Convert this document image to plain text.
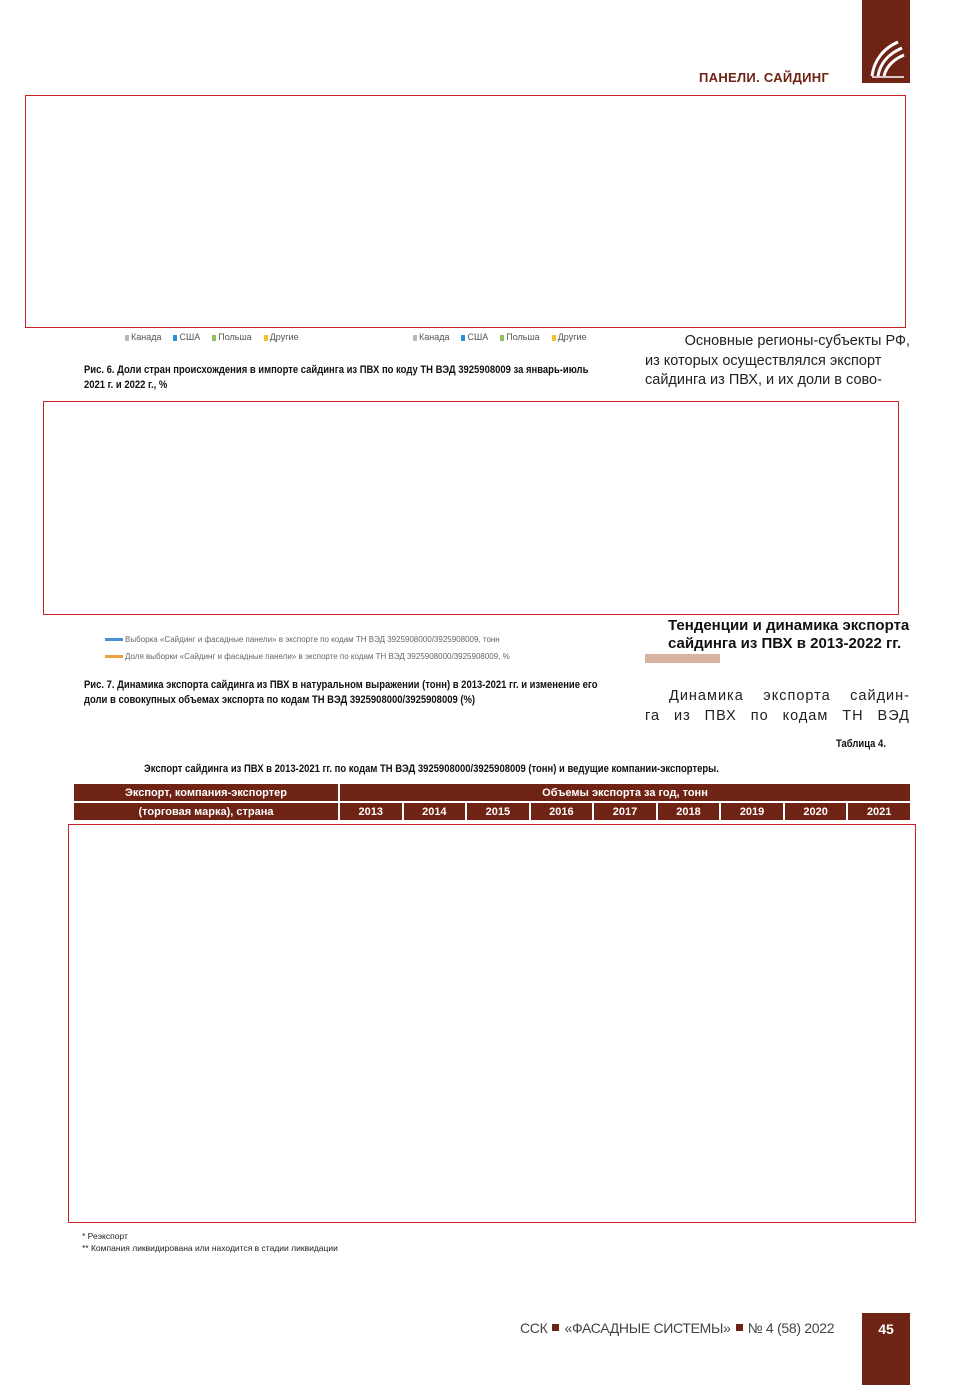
ПАНЕЛИ. САЙДИНГ
Основные регионы-субъекты РФ,
из которых осуществлялся экспорт
сайдинга из ПВХ, и их доли в сово-
Канада	США	Польша	Другие	Канада	США	Польша	Другие
Рис. 6. Доли стран происхождения в импорте сайдинга из ПВХ по коду ТН ВЭД 3925908009 за январь-июль 2021 г. и 2022 г., %
Выборка «Сайдинг и фасадные панели» в экспорте по кодам ТН ВЭД 3925908000/3925908009, тонн
Доля выборки «Сайдинг и фасадные панели» в экспорте по кодам ТН ВЭД 3925908000/3925908009, %
Рис. 7. Динамика экспорта сайдинга из ПВХ в натуральном выражении (тонн) в 2013-2021 гг. и изменение его доли в совокупных объемах экспорта по кодам ТН ВЭД 3925908000/3925908009 (%)
Тенденции и динамика экспорта сайдинга из ПВХ в 2013-2022 гг.
Динамика экспорта сайдин-
га из ПВХ по кодам ТН ВЭД
Таблица 4.
Экспорт сайдинга из ПВХ в 2013-2021 гг. по кодам ТН ВЭД 3925908000/3925908009 (тонн) и ведущие компании-экспортеры.
Экспорт, компания-экспортер	Объемы экспорта за год, тонн								
(торговая марка), страна	2013	2014	2015	2016	2017	2018	2019	2020	2021
* Реэкспорт
** Компания ликвидирована или находится в стадии ликвидации
ССК «ФАСАДНЫЕ СИСТЕМЫ» № 4 (58) 2022	45
